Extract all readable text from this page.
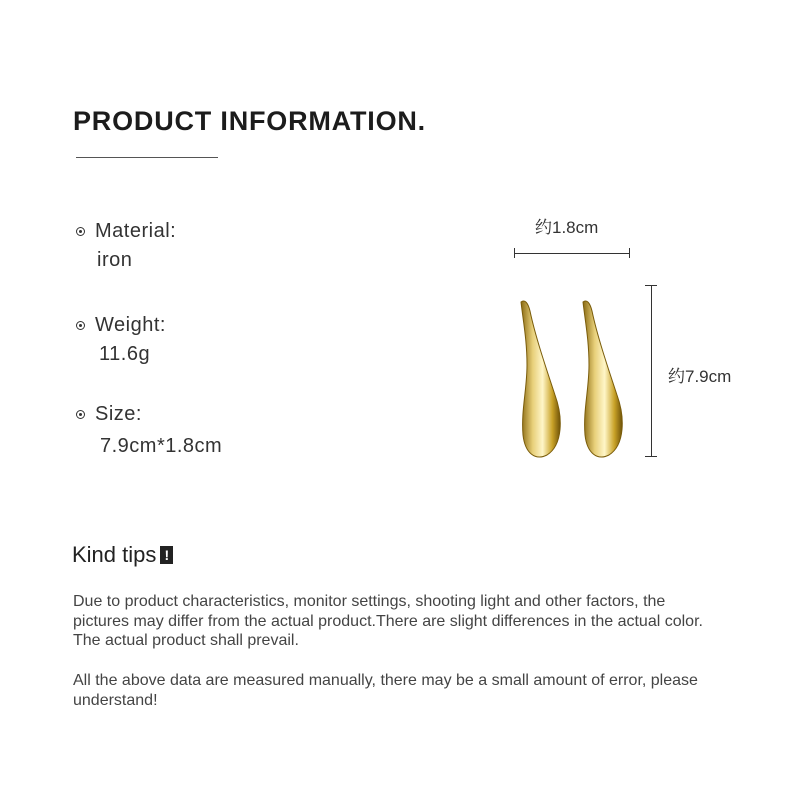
PRODUCT INFORMATION.
Material:
iron
Weight:
11.6g
Size:
7.9cm*1.8cm
约1.8cm
约7.9cm
Kind tips !

Due to product characteristics, monitor settings, shooting light and other factors, the pictures may differ from the actual product.There are slight differences in the actual color. The actual product shall prevail.

All the above data are measured manually, there may be a small amount of error, please understand!
